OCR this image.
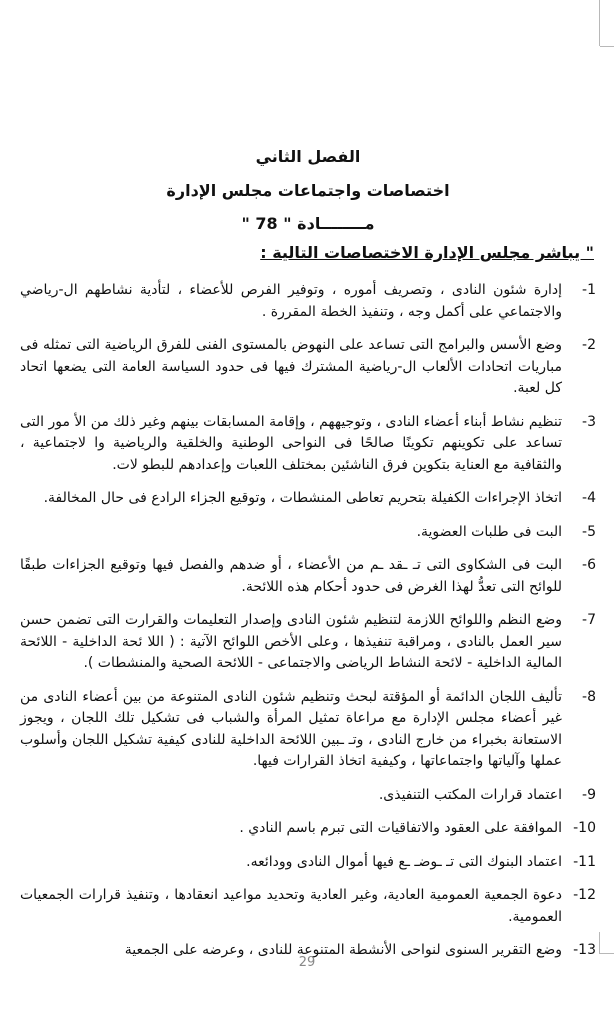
الفصل الثاني
اختصاصات واجتماعات مجلس الإدارة
مــــــــادة " 78 "
" يباشر مجلس الإدارة الاختصاصات التالية :
-1
إدارة شئون النادى ، وتصريف أموره ، وتوفير الفرص للأعضاء ، لتأدية نشاطهم ال-رياضي والاجتماعي على أكمل وجه ، وتنفيذ الخطة المقررة .
-2
وضع الأسس والبرامج التى تساعد على النهوض بالمستوى الفنى للفرق الرياضية التى تمثله فى مباريات اتحادات الألعاب ال-رياضية المشترك فيها فى حدود السياسة العامة التى يضعها اتحاد كل لعبة.
-3
تنظيم نشاط أبناء أعضاء النادى ، وتوجيههم ، وإقامة المسابقات بينهم وغير ذلك من الأ مور التى تساعد على تكوينهم تكوينًا صالحًا فى النواحى الوطنية والخلقية والرياضية وا لاجتماعية ، والثقافية مع العناية بتكوين فرق الناشئين بمختلف اللعبات وإعدادهم للبطو لات.
-4
اتخاذ الإجراءات الكفيلة بتحريم تعاطى المنشطات ، وتوقيع الجزاء الرادع فى حال المخالفة.
-5
البت فى طلبات العضوية.
-6
البت فى الشكاوى التى تـ ـقد ـم من الأعضاء ، أو ضدهم والفصل فيها وتوقيع الجزاءات طبقًا للوائح التى تعدُّ لهذا الغرض فى حدود أحكام هذه اللائحة.
-7
وضع النظم واللوائح اللازمة لتنظيم شئون النادى وإصدار التعليمات والقرارت التى تضمن حسن سير العمل بالنادى ، ومراقبة تنفيذها ، وعلى الأخص اللوائح الآتية : ( اللا ئحة الداخلية - اللائحة المالية الداخلية - لائحة النشاط الرياضى والاجتماعى - اللائحة الصحية والمنشطات ).
-8
تأليف اللجان الدائمة أو المؤقتة لبحث وتنظيم شئون النادى المتنوعة من بين أعضاء النادى من غير أعضاء مجلس الإدارة مع مراعاة تمثيل المرأة والشباب فى تشكيل تلك اللجان ، ويجوز الاستعانة بخبراء من خارج النادى ، وتـ ـبين اللائحة الداخلية للنادى كيفية تشكيل اللجان وأسلوب عملها وآلياتها واجتماعاتها ، وكيفية اتخاذ القرارات فيها.
-9
اعتماد قرارات المكتب التنفيذى.
-10
الموافقة على العقود والاتفاقيات التى تبرم باسم النادي .
-11
اعتماد البنوك التى تـ ـوضـ ـع فيها أموال النادى وودائعه.
-12
دعوة الجمعية العمومية العادية، وغير العادية وتحديد مواعيد انعقادها ، وتنفيذ قرارات الجمعيات العمومية.
-13
وضع التقرير السنوى لنواحى الأنشطة المتنوعة للنادى ، وعرضه على الجمعية
29
